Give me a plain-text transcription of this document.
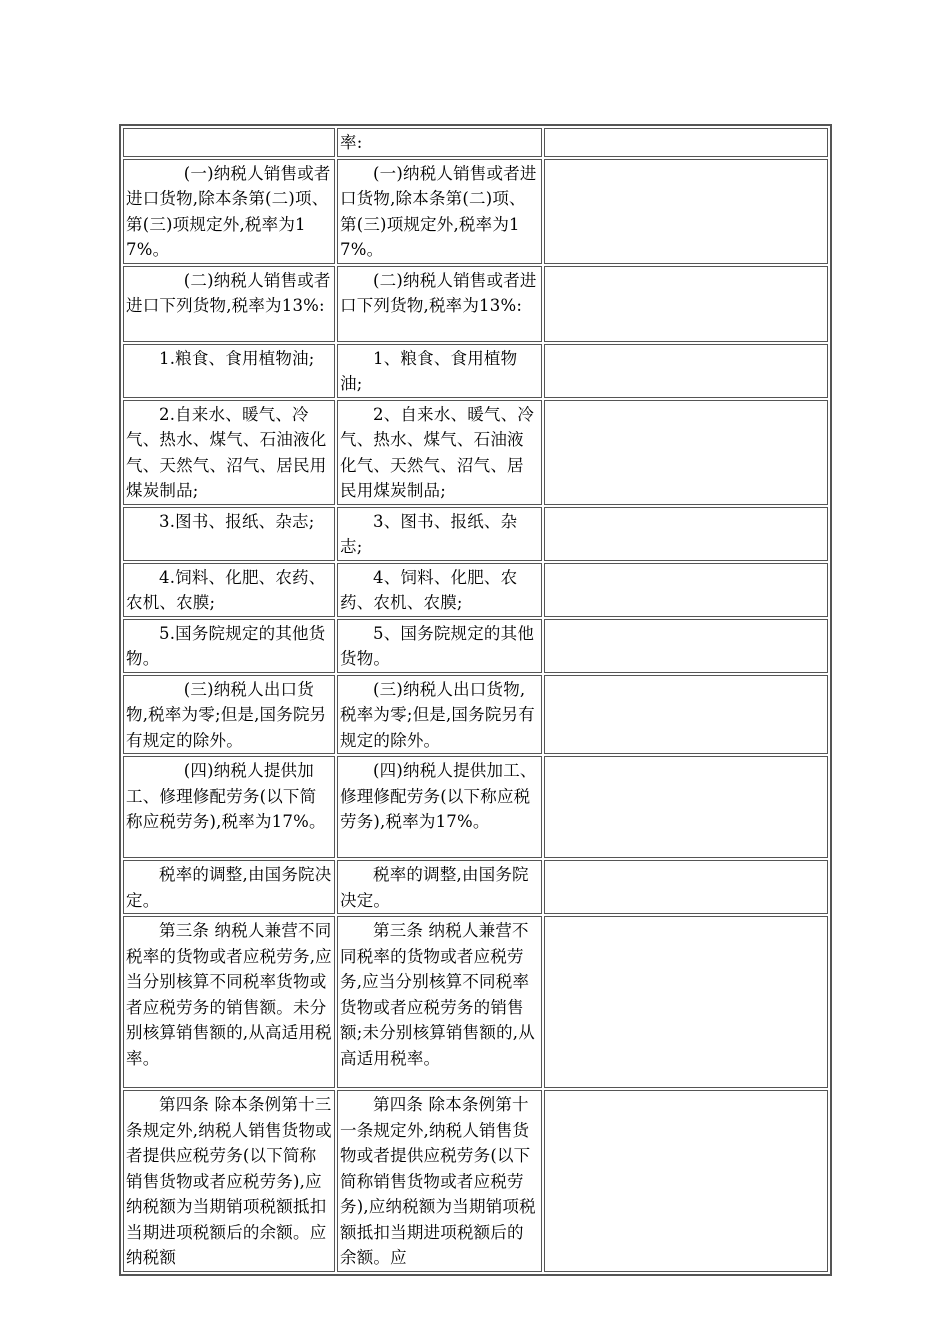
	率:	
(一)纳税人销售或者进口货物,除本条第(二)项、第(三)项规定外,税率为17%。	(一)纳税人销售或者进口货物,除本条第(二)项、第(三)项规定外,税率为17%。	
(二)纳税人销售或者进口下列货物,税率为13%:	(二)纳税人销售或者进口下列货物,税率为13%:	
1.粮食、食用植物油;	1、粮食、食用植物油;	
2.自来水、暖气、冷气、热水、煤气、石油液化气、天然气、沼气、居民用煤炭制品;	2、自来水、暖气、冷气、热水、煤气、石油液化气、天然气、沼气、居民用煤炭制品;	
3.图书、报纸、杂志;	3、图书、报纸、杂志;	
4.饲料、化肥、农药、农机、农膜;	4、饲料、化肥、农药、农机、农膜;	
5.国务院规定的其他货物。	5、国务院规定的其他货物。	
(三)纳税人出口货物,税率为零;但是,国务院另有规定的除外。	(三)纳税人出口货物,税率为零;但是,国务院另有规定的除外。	
(四)纳税人提供加工、修理修配劳务(以下简称应税劳务),税率为17%。	(四)纳税人提供加工、修理修配劳务(以下称应税劳务),税率为17%。	
税率的调整,由国务院决定。	税率的调整,由国务院决定。	
第三条 纳税人兼营不同税率的货物或者应税劳务,应当分别核算不同税率货物或者应税劳务的销售额。未分别核算销售额的,从高适用税率。	第三条 纳税人兼营不同税率的货物或者应税劳务,应当分别核算不同税率货物或者应税劳务的销售额;未分别核算销售额的,从高适用税率。	
第四条 除本条例第十三条规定外,纳税人销售货物或者提供应税劳务(以下简称销售货物或者应税劳务),应纳税额为当期销项税额抵扣当期进项税额后的余额。应纳税额	第四条 除本条例第十一条规定外,纳税人销售货物或者提供应税劳务(以下简称销售货物或者应税劳务),应纳税额为当期销项税额抵扣当期进项税额后的余额。应	
